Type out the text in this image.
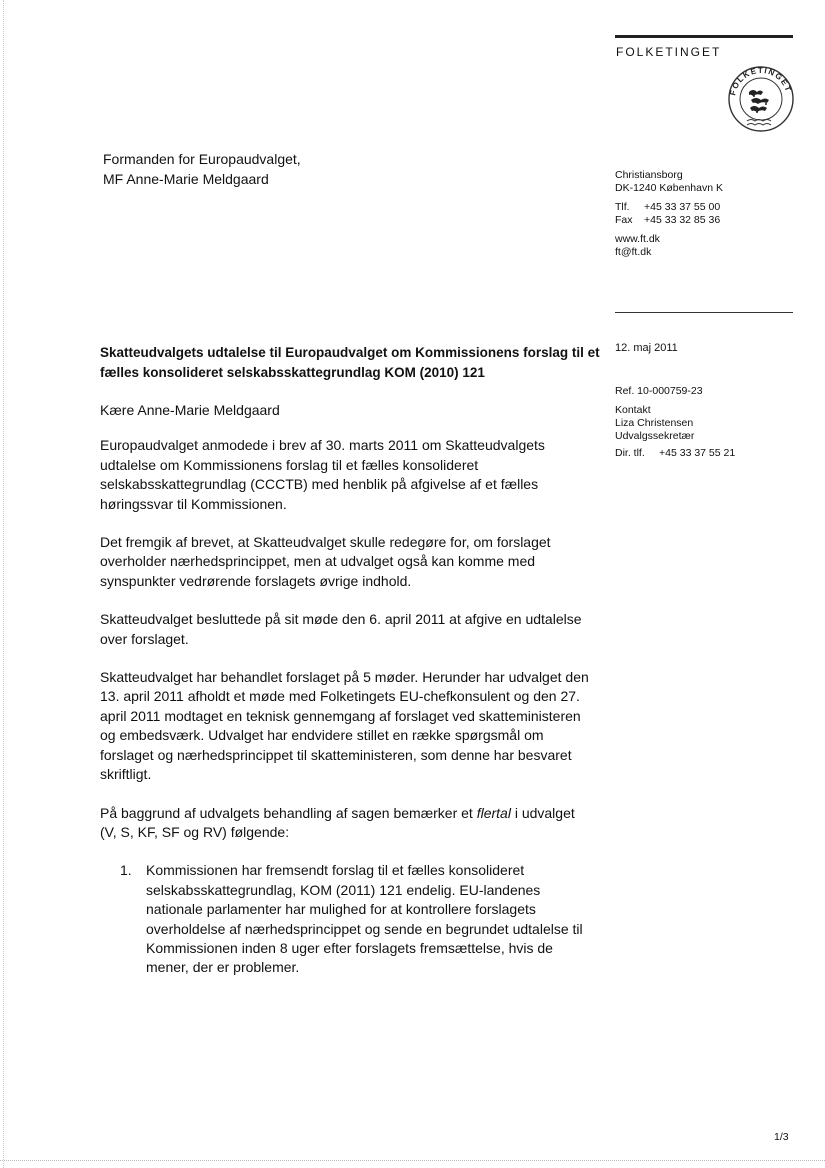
FOLKETINGET
FOLKETINGET
Formanden for Europaudvalget,
MF Anne-Marie Meldgaard	Christiansborg
DK-1240 København K
Tlf. +45 33 37 55 00
Fax +45 33 32 85 36
www.ft.dk
ft@ft.dk
12. maj 2011
Ref. 10-000759-23
Kontakt
Liza Christensen
Udvalgssekretær
Dir. tlf. +45 33 37 55 21
Skatteudvalgets udtalelse til Europaudvalget om Kommissionens forslag til et fælles konsolideret selskabsskattegrundlag KOM (2010) 121

Kære Anne-Marie Meldgaard

Europaudvalget anmodede i brev af 30. marts 2011 om Skatteudvalgets udtalelse om Kommissionens forslag til et fælles konsolideret selskabsskattegrundlag (CCCTB) med henblik på afgivelse af et fælles høringssvar til Kommissionen.

Det fremgik af brevet, at Skatteudvalget skulle redegøre for, om forslaget overholder nærhedsprincippet, men at udvalget også kan komme med synspunkter vedrørende forslagets øvrige indhold.

Skatteudvalget besluttede på sit møde den 6. april 2011 at afgive en udtalelse over forslaget.

Skatteudvalget har behandlet forslaget på 5 møder. Herunder har udvalget den 13. april 2011 afholdt et møde med Folketingets EU-chefkonsulent og den 27. april 2011 modtaget en teknisk gennemgang af forslaget ved skatteministeren og embedsværk. Udvalget har endvidere stillet en række spørgsmål om forslaget og nærhedsprincippet til skatteministeren, som denne har besvaret skriftligt.

På baggrund af udvalgets behandling af sagen bemærker et flertal i udvalget (V, S, KF, SF og RV) følgende:

1. Kommissionen har fremsendt forslag til et fælles konsolideret selskabsskattegrundlag, KOM (2011) 121 endelig. EU-landenes nationale parlamenter har mulighed for at kontrollere forslagets overholdelse af nærhedsprincippet og sende en begrundet udtalelse til Kommissionen inden 8 uger efter forslagets fremsættelse, hvis de mener, der er problemer.
1/3
